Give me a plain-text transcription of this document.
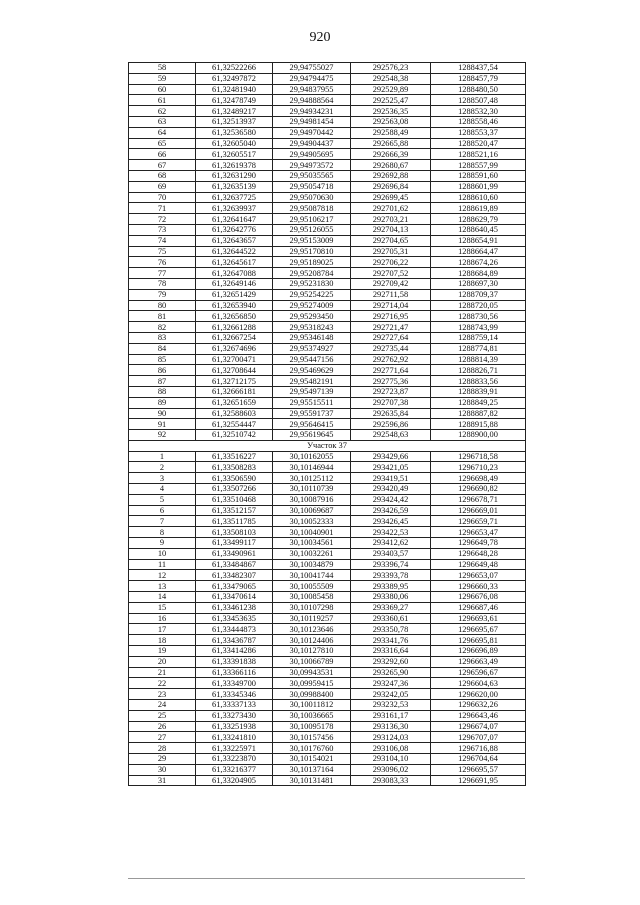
920
58	61,32522266	29,94755027	292576,23	1288437,54
59	61,32497872	29,94794475	292548,38	1288457,79
60	61,32481940	29,94837955	292529,89	1288480,50
61	61,32478749	29,94888564	292525,47	1288507,48
62	61,32489217	29,94934231	292536,35	1288532,30
63	61,32513937	29,94981454	292563,08	1288558,46
64	61,32536580	29,94970442	292588,49	1288553,37
65	61,32605040	29,94904437	292665,88	1288520,47
66	61,32605517	29,94905695	292666,39	1288521,16
67	61,32619378	29,94973572	292680,67	1288557,99
68	61,32631290	29,95035565	292692,88	1288591,60
69	61,32635139	29,95054718	292696,84	1288601,99
70	61,32637725	29,95070630	292699,45	1288610,60
71	61,32639937	29,95087818	292701,62	1288619,89
72	61,32641647	29,95106217	292703,21	1288629,79
73	61,32642776	29,95126055	292704,13	1288640,45
74	61,32643657	29,95153009	292704,65	1288654,91
75	61,32644522	29,95170810	292705,31	1288664,47
76	61,32645617	29,95189025	292706,22	1288674,26
77	61,32647088	29,95208784	292707,52	1288684,89
78	61,32649146	29,95231830	292709,42	1288697,30
79	61,32651429	29,95254225	292711,58	1288709,37
80	61,32653940	29,95274009	292714,04	1288720,05
81	61,32656850	29,95293450	292716,95	1288730,56
82	61,32661288	29,95318243	292721,47	1288743,99
83	61,32667254	29,95346148	292727,64	1288759,14
84	61,32674696	29,95374927	292735,44	1288774,81
85	61,32700471	29,95447156	292762,92	1288814,39
86	61,32708644	29,95469629	292771,64	1288826,71
87	61,32712175	29,95482191	292775,36	1288833,56
88	61,32666181	29,95497139	292723,87	1288839,91
89	61,32651659	29,95515511	292707,38	1288849,25
90	61,32588603	29,95591737	292635,84	1288887,82
91	61,32554447	29,95646415	292596,86	1288915,88
92	61,32510742	29,95619645	292548,63	1288900,00
Участок 37				
1	61,33516227	30,10162055	293429,66	1296718,58
2	61,33508283	30,10146944	293421,05	1296710,23
3	61,33506590	30,10125112	293419,51	1296698,49
4	61,33507266	30,10110739	293420,49	1296690,82
5	61,33510468	30,10087916	293424,42	1296678,71
6	61,33512157	30,10069687	293426,59	1296669,01
7	61,33511785	30,10052333	293426,45	1296659,71
8	61,33508103	30,10040901	293422,53	1296653,47
9	61,33499117	30,10034561	293412,62	1296649,78
10	61,33490961	30,10032261	293403,57	1296648,28
11	61,33484867	30,10034879	293396,74	1296649,48
12	61,33482307	30,10041744	293393,78	1296653,07
13	61,33479065	30,10055509	293389,95	1296660,33
14	61,33470614	30,10085458	293380,06	1296676,08
15	61,33461238	30,10107298	293369,27	1296687,46
16	61,33453635	30,10119257	293360,61	1296693,61
17	61,33444873	30,10123646	293350,78	1296695,67
18	61,33436787	30,10124406	293341,76	1296695,81
19	61,33414286	30,10127810	293316,64	1296696,89
20	61,33391838	30,10066789	293292,60	1296663,49
21	61,33366116	30,09943531	293265,90	1296596,67
22	61,33349700	30,09959415	293247,36	1296604,63
23	61,33345346	30,09988400	293242,05	1296620,00
24	61,33337133	30,10011812	293232,53	1296632,26
25	61,33273430	30,10036665	293161,17	1296643,46
26	61,33251938	30,10095178	293136,30	1296674,07
27	61,33241810	30,10157456	293124,03	1296707,07
28	61,33225971	30,10176760	293106,08	1296716,88
29	61,33223870	30,10154021	293104,10	1296704,64
30	61,33216377	30,10137164	293096,02	1296695,57
31	61,33204905	30,10131481	293083,33	1296691,95
